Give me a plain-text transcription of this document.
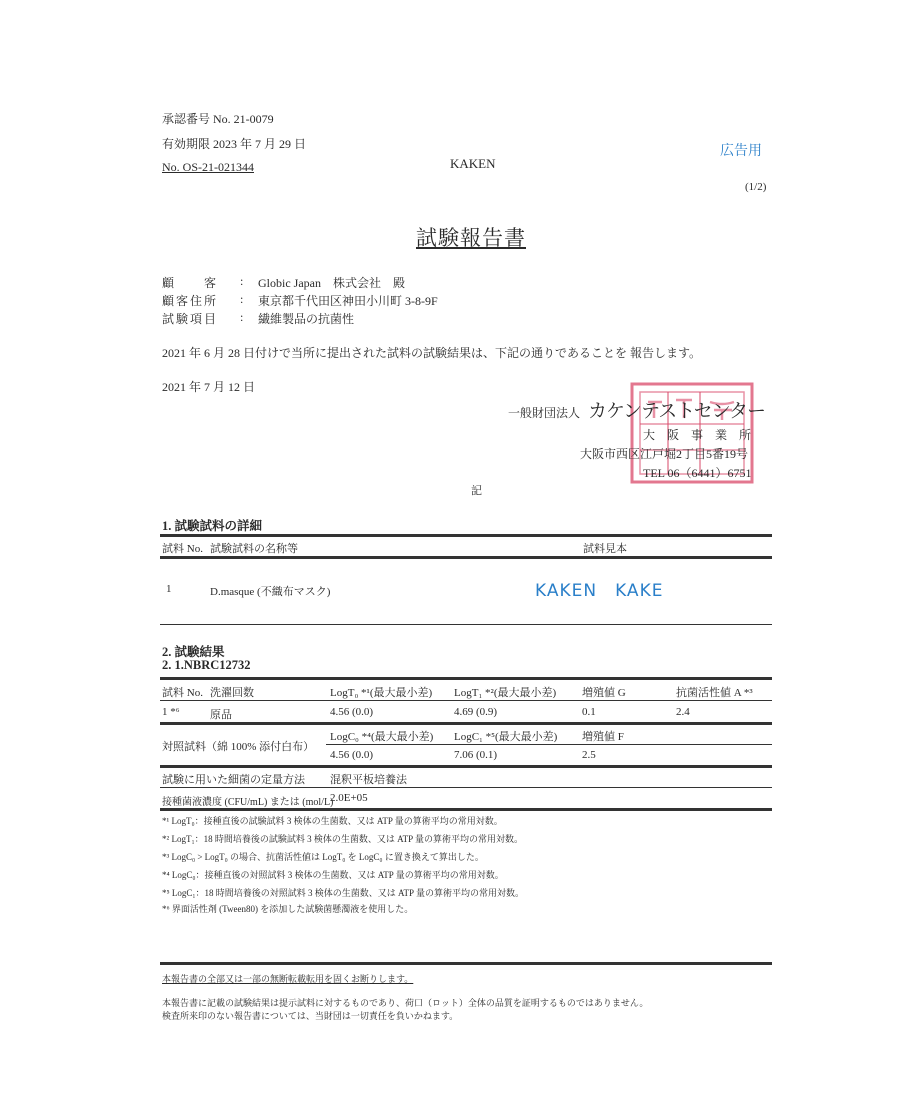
承認番号 No. 21-0079
有効期限 2023 年 7 月 29 日
No. OS-21-021344	KAKEN
広告用
(1/2)
試験報告書
顧　　客 : Globic Japan　株式会社　殿
顧客住所 : 東京都千代田区神田小川町 3-8-9F
試験項目 : 繊維製品の抗菌性
2021 年 6 月 28 日付けで当所に提出された試料の試験結果は、下記の通りであることを 報告します。
2021 年 7 月 12 日
一般財団法人 カケンテストセンター
大　阪　事　業　所
大阪市西区江戸堀2丁目5番19号
TEL 06（6441）6751
記
1. 試験試料の詳細
試料 No. 試験試料の名称等	試料見本
1	D.masque (不織布マスク)	KAKEN　KAKE
2. 試験結果
2. 1.NBRC12732
試料 No. 洗濯回数	LogT₀ *¹(最大最小差) LogT₁ *²(最大最小差) 増殖値 G	抗菌活性値 A *³
1 *⁶	原品	4.56 (0.0)	4.69 (0.9)	0.1	2.4
対照試料（綿 100% 添付白布）
LogC₀ *⁴(最大最小差) LogC₁ *⁵(最大最小差) 増殖値 F
4.56 (0.0)	7.06 (0.1)	2.5
試験に用いた細菌の定量方法 混釈平板培養法
接種菌液濃度 (CFU/mL) または (mol/L)
2.0E+05
*¹ LogT₀：接種直後の試験試料 3 検体の生菌数、又は ATP 量の算術平均の常用対数。
*² LogT₁：18 時間培養後の試験試料 3 検体の生菌数、又は ATP 量の算術平均の常用対数。
*³ LogC₀ > LogT₀ の場合、抗菌活性値は LogT₀ を LogC₀ に置き換えて算出した。
*⁴ LogC₀：接種直後の対照試料 3 検体の生菌数、又は ATP 量の算術平均の常用対数。
*⁵ LogC₁：18 時間培養後の対照試料 3 検体の生菌数、又は ATP 量の算術平均の常用対数。
*⁶ 界面活性剤 (Tween80) を添加した試験菌懸濁液を使用した。
本報告書の全部又は一部の無断転載転用を固くお断りします。
本報告書に記載の試験結果は提示試料に対するものであり、荷口（ロット）全体の品質を証明するものではありません。
検査所来印のない報告書については、当財団は一切責任を負いかねます。
